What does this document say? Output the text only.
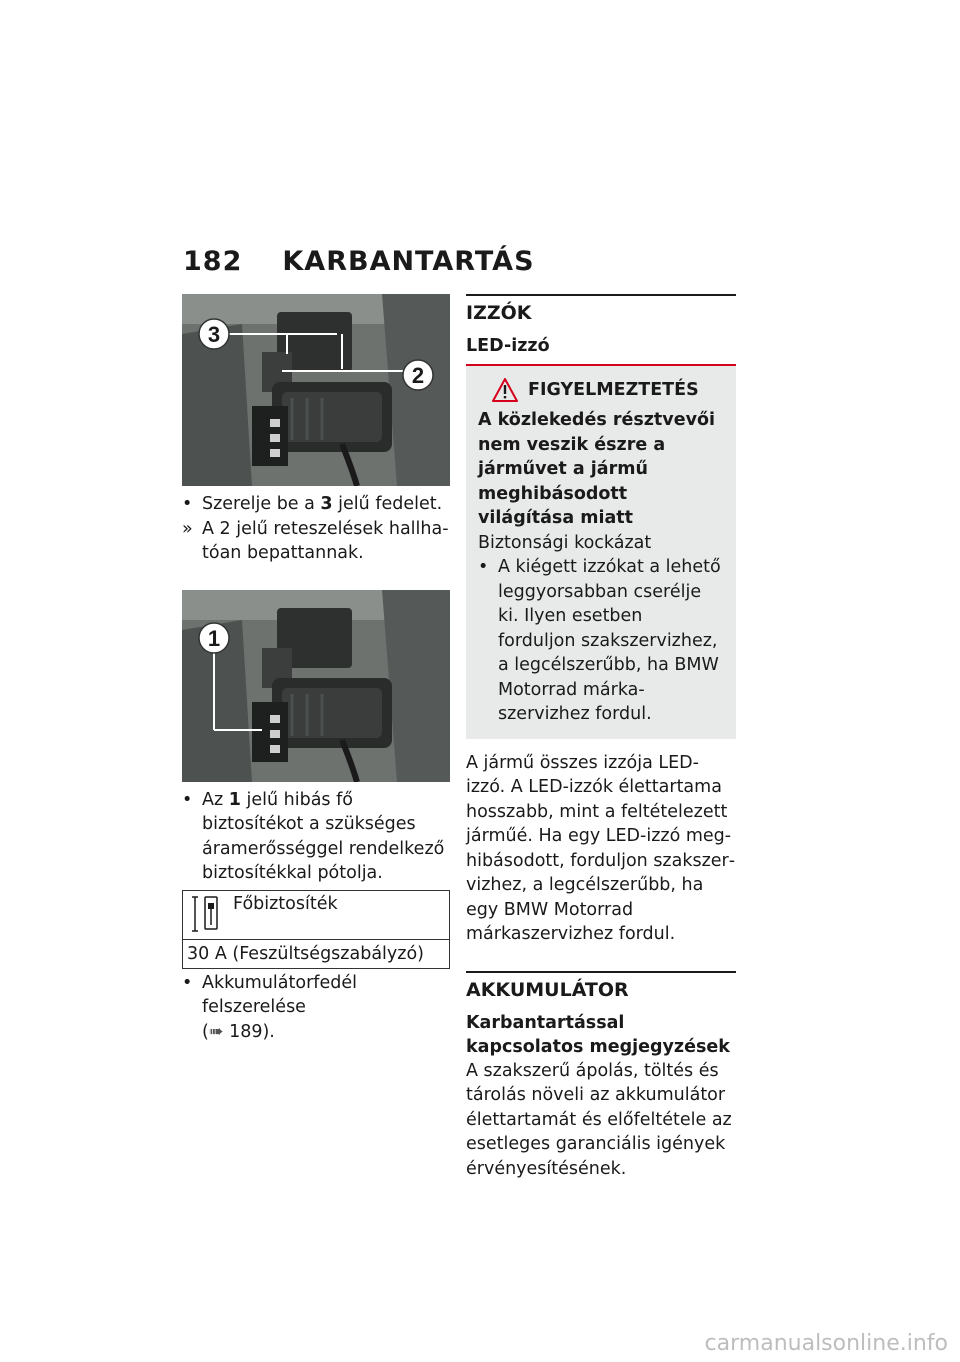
182 KARBANTARTÁS
3
2
• Szerelje be a 3 jelű fedelet.
» A 2 jelű reteszelések hallhatóan bepattannak.
1
• Az 1 jelű hibás fő biztosítékot a szükséges áramerősséggel rendelkező biztosítékkal pótolja.
Főbiztosíték
30 A (Feszültségszabályzó)
• Akkumulátorfedél felszerelése
(➠ 189).
IZZÓK
LED-izzó
FIGYELMEZTETÉS
A közlekedés résztvevői nem veszik észre a járművet a jármű meghibásodott világítása miatt
Biztonsági kockázat
• A kiégett izzókat a lehető leggyorsabban cserélje ki. Ilyen esetben forduljon szakszervizhez, a legcélszerűbb, ha BMW Motorrad márkaszervizhez fordul.

A jármű összes izzója LED-izzó. A LED-izzók élettartama hosszabb, mint a feltételezett járműé. Ha egy LED-izzó meghibásodott, forduljon szakszervizhez, a legcélszerűbb, ha egy BMW Motorrad márkaszervizhez fordul.

AKKUMULÁTOR
Karbantartással kapcsolatos megjegyzések

A szakszerű ápolás, töltés és tárolás növeli az akkumulátor élettartamát és előfeltétele az esetleges garanciális igények érvényesítésének.

carmanualsonline.info
